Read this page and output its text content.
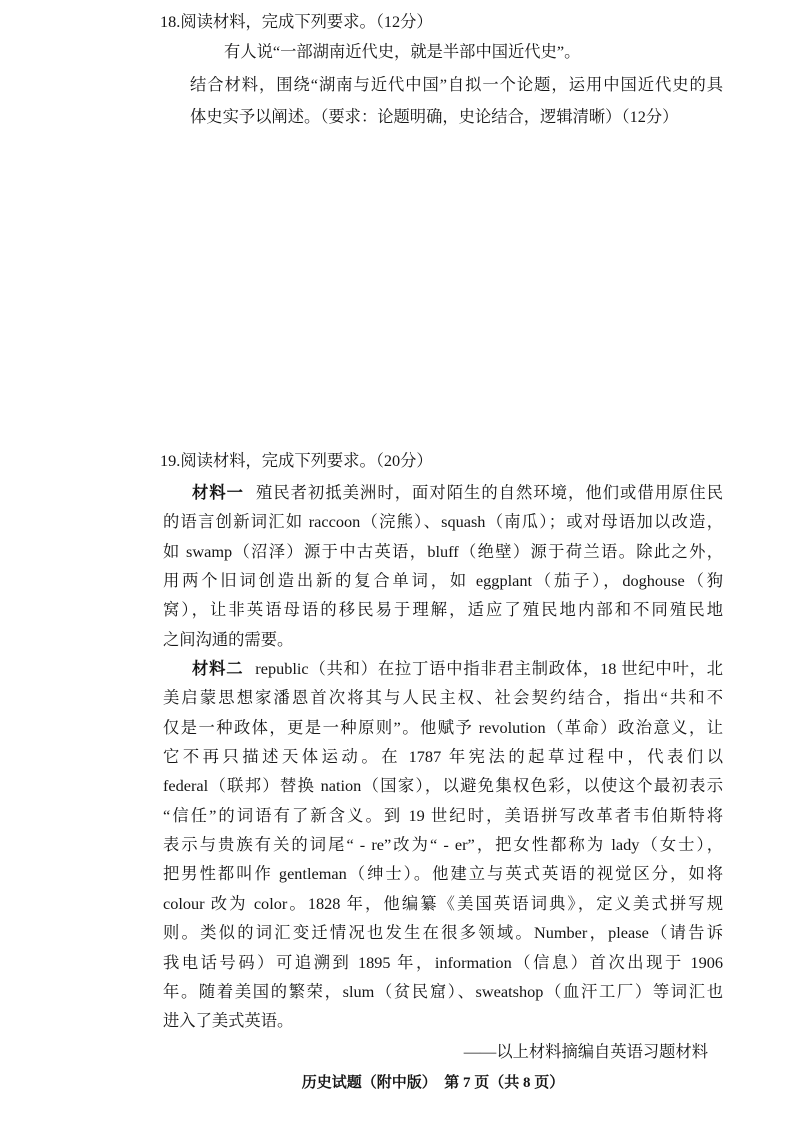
18.阅读材料，完成下列要求。（12分）
有人说“一部湖南近代史，就是半部中国近代史”。
结合材料，围绕“湖南与近代中国”自拟一个论题，运用中国近代史的具
体史实予以阐述。（要求：论题明确，史论结合，逻辑清晰）（12分）
19.阅读材料，完成下列要求。（20分）
材料一 殖民者初抵美洲时，面对陌生的自然环境，他们或借用原住民
的语言创新词汇如 raccoon（浣熊）、squash（南瓜）；或对母语加以改造，
如 swamp（沼泽）源于中古英语，bluff（绝壁）源于荷兰语。除此之外，
用两个旧词创造出新的复合单词，如 eggplant（茄子），doghouse（狗
窝），让非英语母语的移民易于理解，适应了殖民地内部和不同殖民地
之间沟通的需要。
材料二 republic（共和）在拉丁语中指非君主制政体，18 世纪中叶，北
美启蒙思想家潘恩首次将其与人民主权、社会契约结合，指出“共和不
仅是一种政体，更是一种原则”。他赋予 revolution（革命）政治意义，让
它不再只描述天体运动。在 1787 年宪法的起草过程中，代表们以
federal（联邦）替换 nation（国家），以避免集权色彩，以使这个最初表示
“信任”的词语有了新含义。到 19 世纪时，美语拼写改革者韦伯斯特将
表示与贵族有关的词尾“ - re”改为“ - er”，把女性都称为 lady（女士），
把男性都叫作 gentleman（绅士）。他建立与英式英语的视觉区分，如将
colour 改为 color。1828 年，他编纂《美国英语词典》，定义美式拼写规
则。类似的词汇变迁情况也发生在很多领域。Number，please（请告诉
我电话号码）可追溯到 1895 年，information（信息）首次出现于 1906
年。随着美国的繁荣，slum（贫民窟）、sweatshop（血汗工厂）等词汇也
进入了美式英语。
——以上材料摘编自英语习题材料
历史试题（附中版）　第 7 页（共 8 页）
